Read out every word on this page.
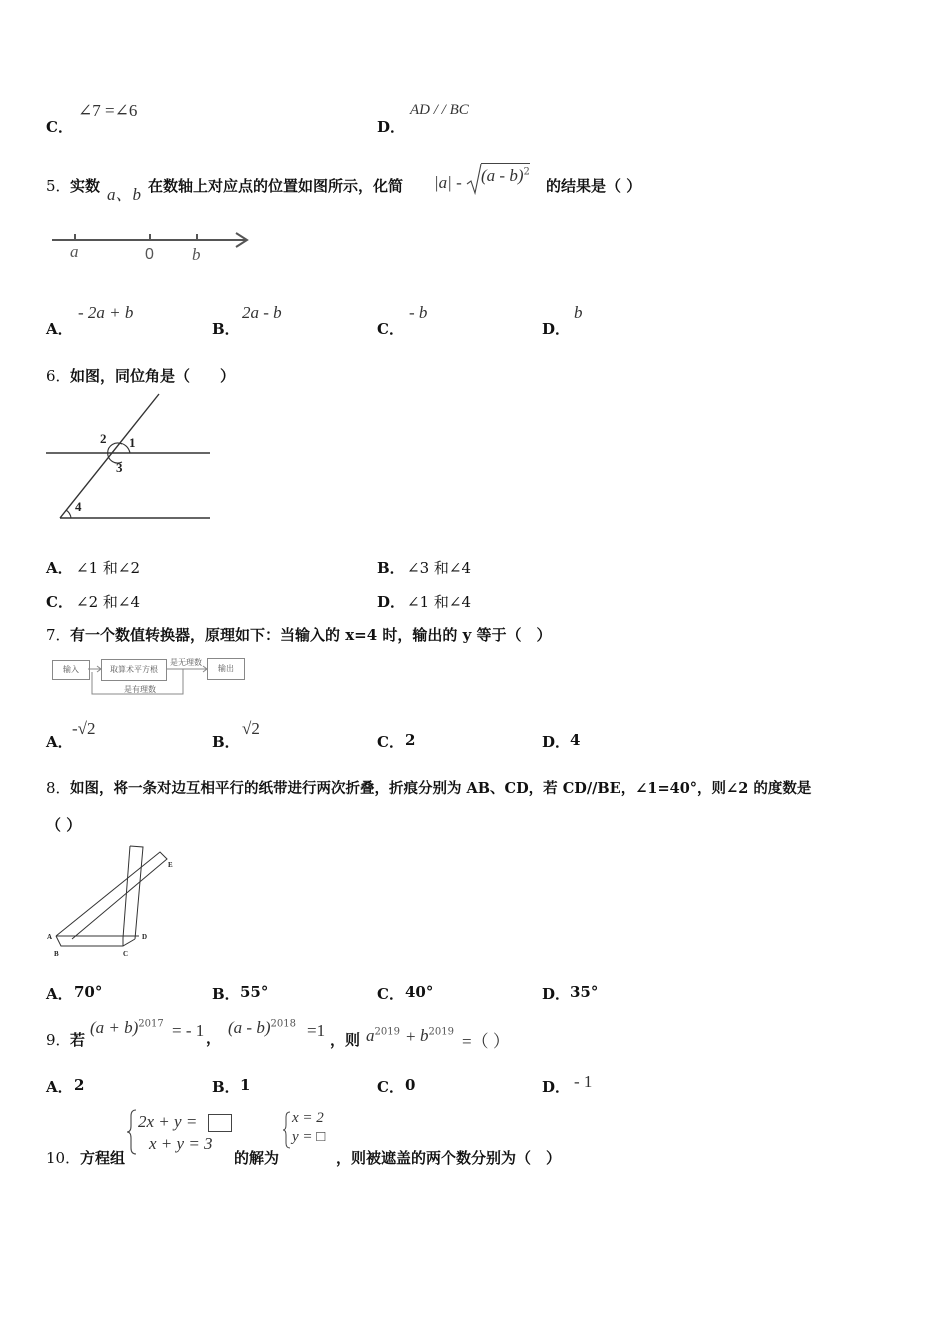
C．
∠7 =∠6
D．
AD / / BC
5． 实数 a、b 在数轴上对应点的位置如图所示，化简 |a| - (a - b)$^2$
的结果是（ ）
a	0 b
A．
- 2a + b
B．
2a - b
C．
- b
D．
b
6． 如图，同位角是（　　）
2 1
3
4
A． ∠1 和∠2	B． ∠3 和∠4
C． ∠2 和∠4	D． ∠1 和∠4
7． 有一个数值转换器，原理如下：当输入的 x=4 时，输出的 y 等于（　）
输入	取算术平方根	输出
是无理数
是有理数
A．
-√2
B．
√2
C． 2	D． 4
8． 如图，将一条对边互相平行的纸带进行两次折叠，折痕分别为 AB、CD，若 CD//BE，∠1=40°，则∠2 的度数是
（ ）
A
B	C
D
E
A． 70°	B． 55°	C． 40°	D． 35°
9． 若
$(a + b)^{2017}$ = - 1 ，
(a - b)$^{2018}$ =1 ，则 $a^{2019} + b^{2019}$ =（ ）
A． 2	B． 1	C． 0	D． - 1
10． 方程组
2x + y =
x + y = 3
的解为
x = 2
y = □
，则被遮盖的两个数分别为（　）
